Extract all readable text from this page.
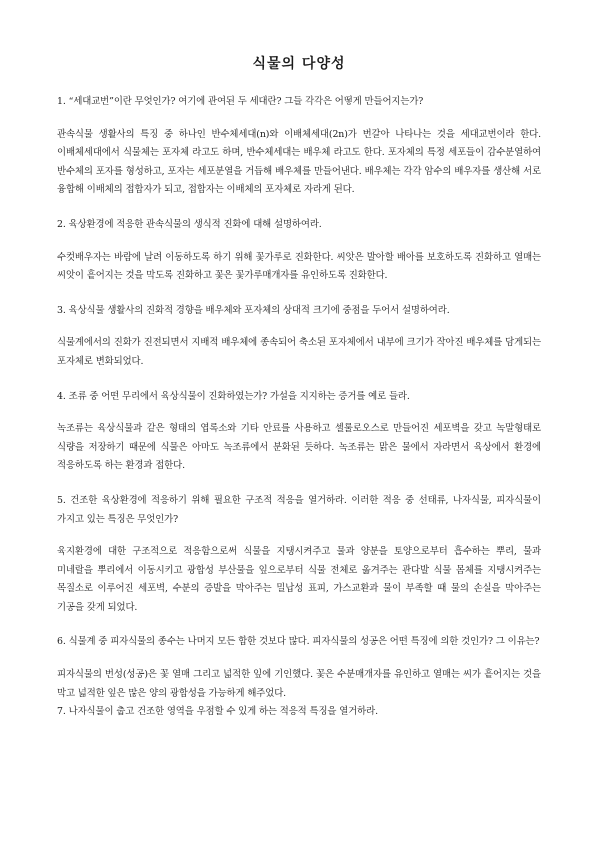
식물의 다양성

1. “세대교번”이란 무엇인가? 여기에 관여된 두 세대란? 그들 각각은 어떻게 만들어지는가?

관속식물 생활사의 특징 중 하나인 반수체세대(n)와 이배체세대(2n)가 번갈아 나타나는 것을 세대교번이라 한다. 이배체세대에서 식물체는 포자체 라고도 하며, 반수체세대는 배우체 라고도 한다. 포자체의 특정 세포들이 감수분열하여 반수체의 포자를 형성하고, 포자는 세포분열을 거듭해 배우체를 만들어낸다. 배우체는 각각 암수의 배우자를 생산해 서로 융합해 이배체의 접합자가 되고, 접합자는 이배체의 포자체로 자라게 된다.

2. 육상환경에 적응한 관속식물의 생식적 진화에 대해 설명하여라.

수컷배우자는 바람에 날려 이동하도록 하기 위해 꽃가루로 진화한다. 씨앗은 발아할 배아를 보호하도록 진화하고 열매는 씨앗이 흩어지는 것을 막도록 진화하고 꽃은 꽃가루매개자를 유인하도록 진화한다.

3. 육상식물 생활사의 진화적 경향을 배우체와 포자체의 상대적 크기에 중점을 두어서 설명하여라.

식물계에서의 진화가 진전되면서 지배적 배우체에 종속되어 축소된 포자체에서 내부에 크기가 작아진 배우체를 담게되는 포자체로 변화되었다.

4. 조류 중 어떤 무리에서 육상식물이 진화하였는가? 가설을 지지하는 증거를 예로 들라.

녹조류는 육상식물과 같은 형태의 엽록소와 기타 안료를 사용하고 셀룰로오스로 만들어진 세포벽을 갖고 녹말형태로 식량을 저장하기 때문에 식물은 아마도 녹조류에서 분화된 듯하다. 녹조류는 맑은 물에서 자라면서 육상에서 환경에 적응하도록 하는 환경과 접한다.

5. 건조한 육상환경에 적응하기 위해 필요한 구조적 적응을 열거하라. 이러한 적응 중 선태류, 나자식물, 피자식물이 가지고 있는 특징은 무엇인가?

육지환경에 대한 구조적으로 적응함으로써 식물을 지탱시켜주고 물과 양분을 토양으로부터 흡수하는 뿌리, 물과 미네랄을 뿌리에서 이동시키고 광합성 부산물을 잎으로부터 식물 전체로 옮겨주는 관다발 식물 몸체를 지탱시켜주는 목질소로 이루어진 세포벽, 수분의 증발을 막아주는 밀납성 표피, 가스교환과 물이 부족할 때 물의 손실을 막아주는 기공을 갖게 되었다.

6. 식물계 중 피자식물의 종수는 나머지 모든 합한 것보다 많다. 피자식물의 성공은 어떤 특징에 의한 것인가? 그 이유는?

피자식물의 번성(성공)은 꽃 열매 그리고 넓적한 잎에 기인했다. 꽃은 수분매개자를 유인하고 열매는 씨가 흩어지는 것을 막고 넓적한 잎은 많은 양의 광합성을 가능하게 해주었다.

7. 나자식물이 춥고 건조한 영역을 우점할 수 있게 하는 적응적 특징을 열거하라.
